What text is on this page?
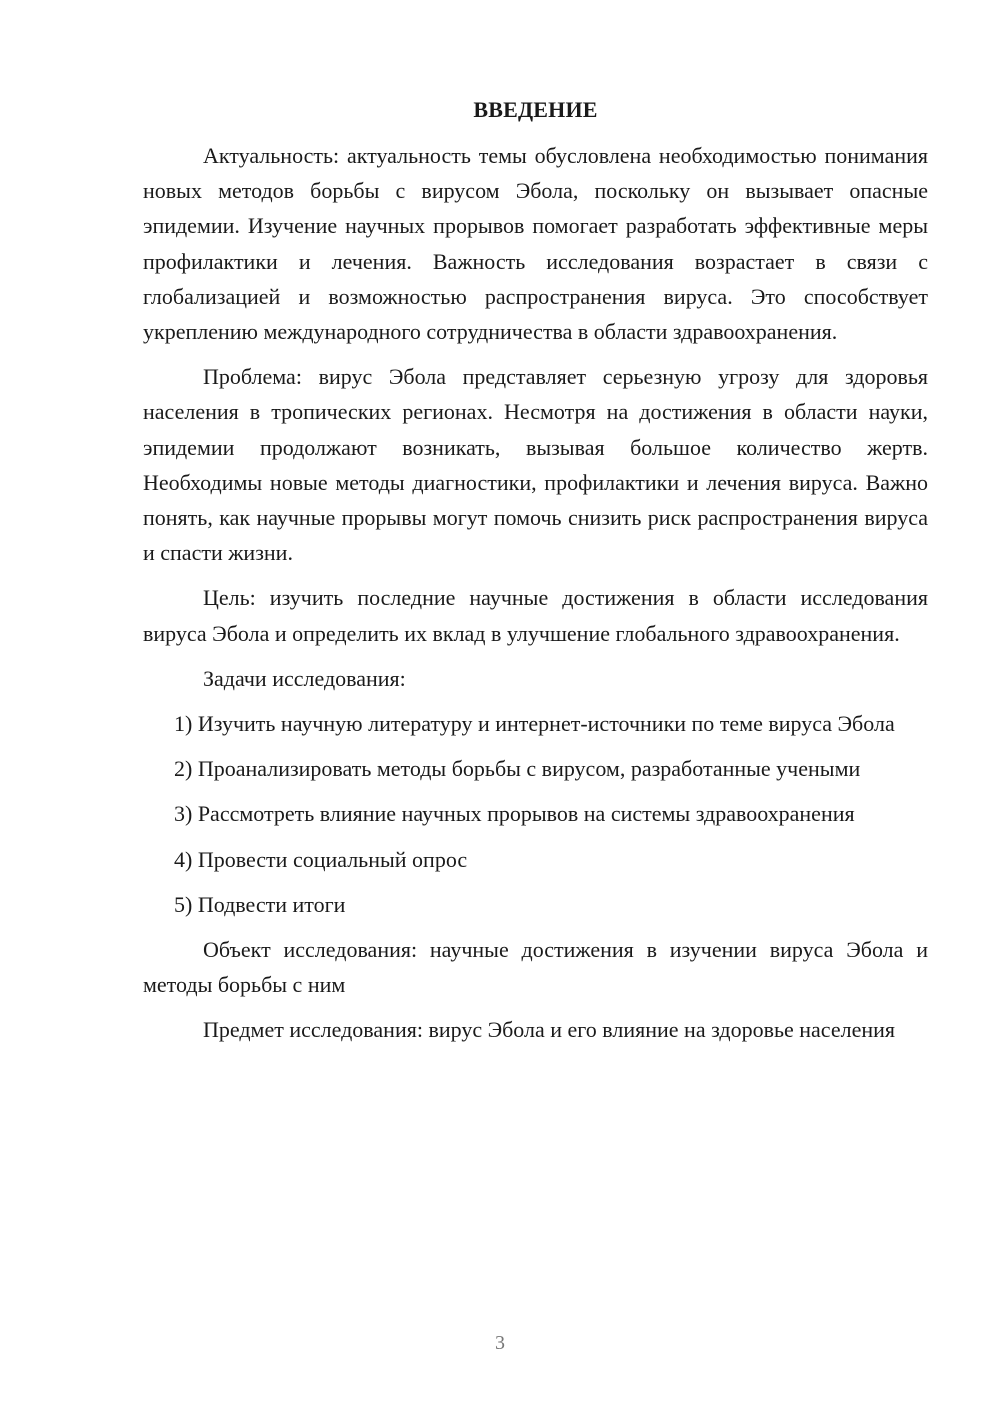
ВВЕДЕНИЕ

Актуальность: актуальность темы обусловлена необходимостью понимания новых методов борьбы с вирусом Эбола, поскольку он вызывает опасные эпидемии. Изучение научных прорывов помогает разработать эффективные меры профилактики и лечения. Важность исследования возрастает в связи с глобализацией и возможностью распространения вируса. Это способствует укреплению международного сотрудничества в области здравоохранения.

Проблема: вирус Эбола представляет серьезную угрозу для здоровья населения в тропических регионах. Несмотря на достижения в области науки, эпидемии продолжают возникать, вызывая большое количество жертв. Необходимы новые методы диагностики, профилактики и лечения вируса. Важно понять, как научные прорывы могут помочь снизить риск распространения вируса и спасти жизни.

Цель: изучить последние научные достижения в области исследования вируса Эбола и определить их вклад в улучшение глобального здравоохранения.

Задачи исследования:

1) Изучить научную литературу и интернет-источники по теме вируса Эбола

2) Проанализировать методы борьбы с вирусом, разработанные учеными

3) Рассмотреть влияние научных прорывов на системы здравоохранения

4) Провести социальный опрос

5) Подвести итоги

Объект исследования: научные достижения в изучении вируса Эбола и методы борьбы с ним

Предмет исследования: вирус Эбола и его влияние на здоровье населения

3
